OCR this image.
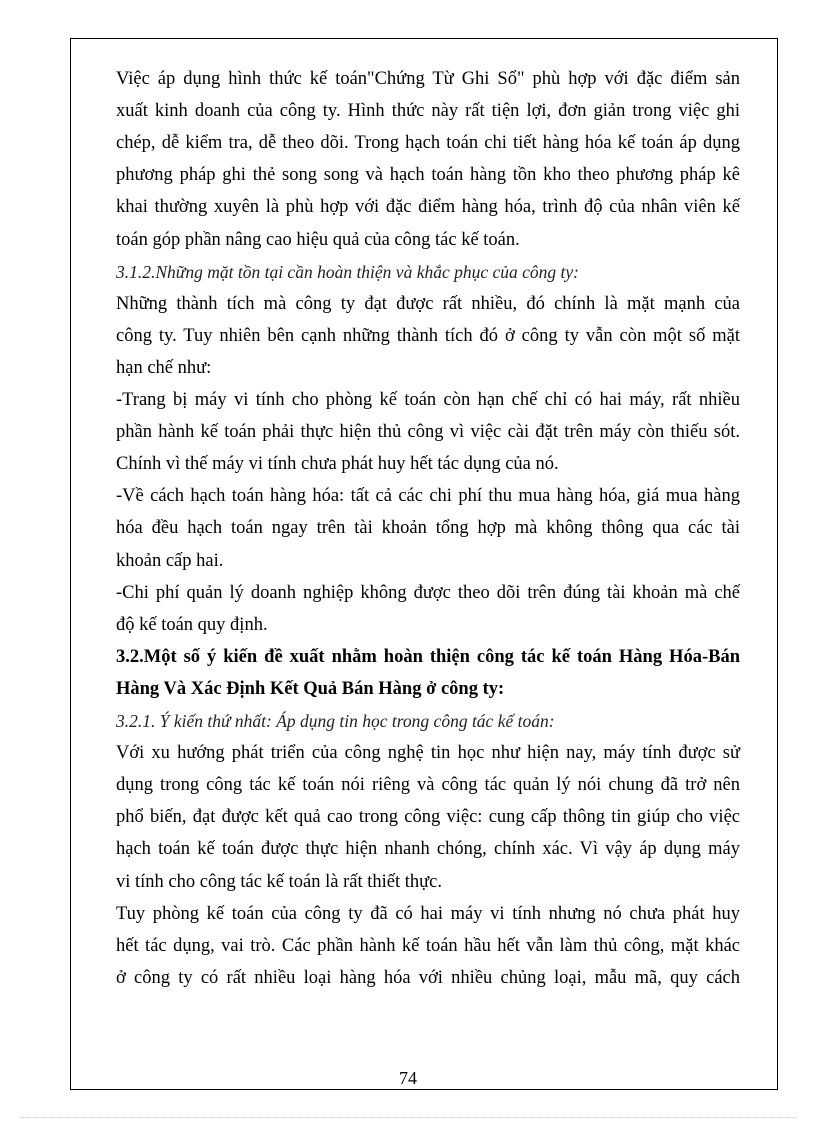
Việc áp dụng hình thức kế toán"Chứng Từ Ghi Sổ" phù hợp với đặc điểm sản
xuất kinh doanh của công ty. Hình thức này rất tiện lợi, đơn giản trong việc ghi
chép, dễ kiểm tra, dễ theo dõi. Trong hạch toán chi tiết hàng hóa kế toán áp dụng
phương pháp ghi thẻ song song và hạch toán hàng tồn kho theo phương pháp kê
khai thường xuyên là phù hợp với đặc điểm hàng hóa, trình độ của nhân viên kế
toán góp phần nâng cao hiệu quả của công tác kế toán.
3.1.2.Những mặt tồn tại cần hoàn thiện và khắc phục của công ty:
Những thành tích mà công ty đạt được rất nhiều, đó chính là mặt mạnh của
công ty. Tuy nhiên bên cạnh những thành tích đó ở công ty vẫn còn một số mặt
hạn chế như:
-Trang bị máy vi tính cho phòng kế toán còn hạn chế chỉ có hai máy, rất nhiều
phần hành kế toán phải thực hiện thủ công vì việc cài đặt trên máy còn thiếu sót.
Chính vì thế máy vi tính chưa phát huy hết tác dụng của nó.
-Về cách hạch toán hàng hóa: tất cả các chi phí thu mua hàng hóa, giá mua hàng
hóa đều hạch toán ngay trên tài khoản tổng hợp mà không thông qua các tài
khoản cấp hai.
-Chi phí quản lý doanh nghiệp không được theo dõi trên đúng tài khoản mà chế
độ kế toán quy định.
3.2.Một số ý kiến đề xuất nhằm hoàn thiện công tác kế toán Hàng Hóa-Bán
Hàng Và Xác Định Kết Quả Bán Hàng ở công ty:
3.2.1. Ý kiến thứ nhất: Áp dụng tin học trong công tác kế toán:
Với xu hướng phát triển của công nghệ tin học như hiện nay, máy tính được sử
dụng trong công tác kế toán nói riêng và công tác quản lý nói chung đã trở nên
phổ biến, đạt được kết quả cao trong công việc: cung cấp thông tin giúp cho việc
hạch toán kế toán được thực hiện nhanh chóng, chính xác. Vì vậy áp dụng máy
vi tính cho công tác kế toán là rất thiết thực.
Tuy phòng kế toán của công ty đã có hai máy vi tính nhưng nó chưa phát huy
hết tác dụng, vai trò. Các phần hành kế toán hầu hết vẫn làm thủ công, mặt khác
ở công ty có rất nhiều loại hàng hóa với nhiều chủng loại, mẫu mã, quy cách
74
